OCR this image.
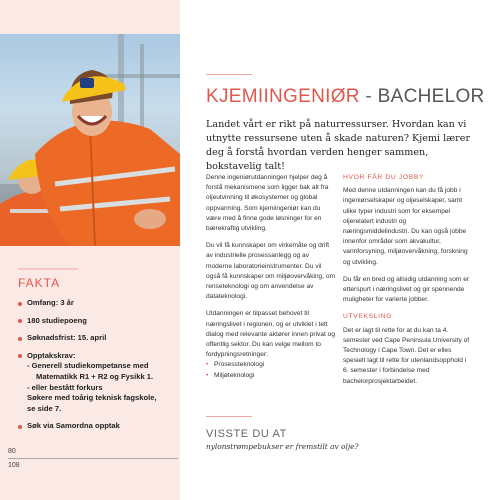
FAKTA
Omfang: 3 år
180 studiepoeng
Søknadsfrist: 15. april
Opptakskrav:
- Generell studiekompetanse med
Matematikk R1 + R2 og Fysikk 1.
- eller bestått forkurs
Søkere med toårig teknisk fagskole,
se side 7.
Søk via Samordna opptak
80
108
KJEMIINGENIØR - BACHELOR

Landet vårt er rikt på naturressurser. Hvordan kan vi utnytte ressursene uten å skade naturen? Kjemi lærer deg å forstå hvordan verden henger sammen, bokstavelig talt!

Denne ingeniørutdanningen hjelper deg å forstå mekanismene som ligger bak alt fra oljeutvinning til økosystemer og global oppvarming. Som kjemiingeniør kan du være med å finne gode løsninger for en bærekraftig utvikling.

Du vil få kunnskaper om virkemåte og drift av industrielle prosessanlegg og av moderne laboratorieinstrumenter. Du vil også få kunnskaper om miljøovervåking, om renseteknologi og om anvendelse av datateknologi.

Utdanningen er tilpasset behovet til næringslivet i regionen, og er utviklet i tett dialog med relevante aktører innen privat og offentlig sektor. Du kan velge mellom to fordypningsretninger:

• Prosessteknologi
• Miljøteknologi
HVOR FÅR DU JOBB?

Med denne utdanningen kan du få jobb i ingeniørselskaper og oljeselskaper, samt ulike typer industri som for eksempel oljerelatert industri og næringsmiddelindustri. Du kan også jobbe innenfor områder som akvakultur, vannforsyning, miljøovervåkning, forskning og utvikling.

Du får en bred og allsidig utdanning som er etterspurt i næringslivet og gir spennende muligheter for varierte jobber.

UTVEKSLING

Det er lagt til rette for at du kan ta 4. semester ved Cape Peninsula University of Technology i Cape Town. Det er elles spesielt lagt til rette for utenlandsopphold i 6. semester i forbindelse med bachelorprosjektarbeidet.

VISSTE DU AT

nylonstrømpebukser er fremstilt av olje?
